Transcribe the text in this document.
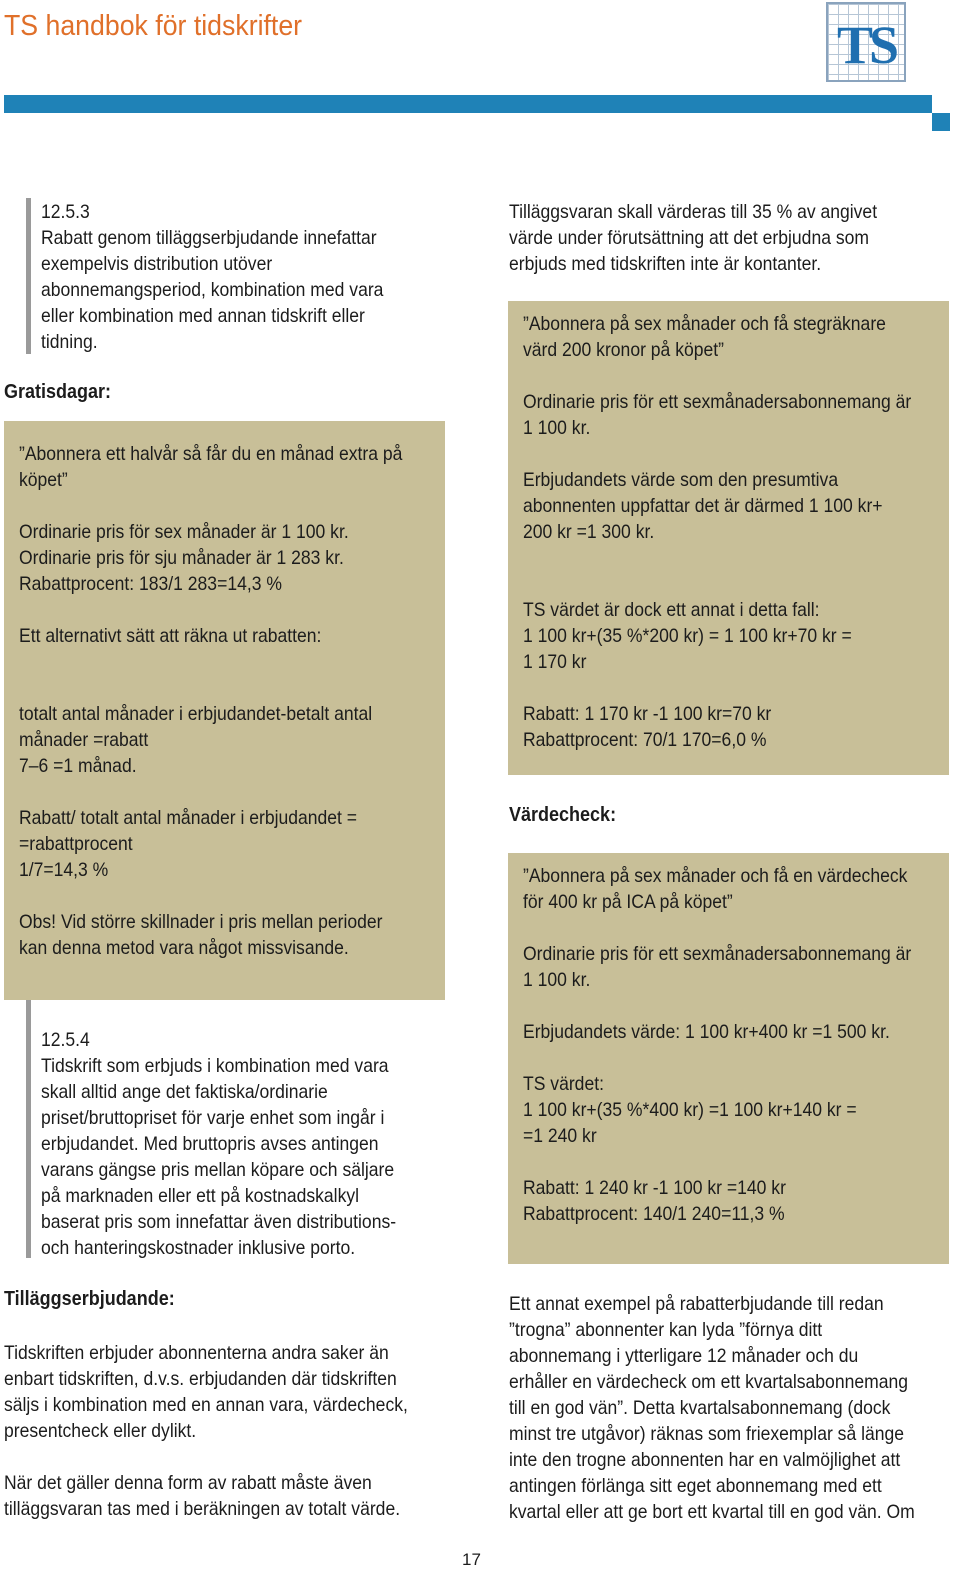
TS handbok för tidskrifter	TS

12.5.3

Rabatt genom tilläggserbjudande innefattar

exempelvis distribution utöver

abonnemangsperiod, kombination med vara

eller kombination med annan tidskrift eller

tidning.

Gratisdagar:

”Abonnera ett halvår så får du en månad extra på

köpet”

Ordinarie pris för sex månader är 1 100 kr.

Ordinarie pris för sju månader är 1 283 kr.

Rabattprocent: 183/1 283=14,3 %

Ett alternativt sätt att räkna ut rabatten:

totalt antal månader i erbjudandet-betalt antal

månader =rabatt

7–6 =1 månad.

Rabatt/ totalt antal månader i erbjudandet =

=rabattprocent

1/7=14,3 %

Obs! Vid större skillnader i pris mellan perioder

kan denna metod vara något missvisande.

12.5.4

Tidskrift som erbjuds i kombination med vara

skall alltid ange det faktiska/ordinarie

priset/bruttopriset för varje enhet som ingår i

erbjudandet. Med bruttopris avses antingen

varans gängse pris mellan köpare och säljare

på marknaden eller ett på kostnadskalkyl

baserat pris som innefattar även distributions-

och hanteringskostnader inklusive porto.

Tilläggserbjudande:

Tidskriften erbjuder abonnenterna andra saker än

enbart tidskriften, d.v.s. erbjudanden där tidskriften

säljs i kombination med en annan vara, värdecheck,

presentcheck eller dylikt.

När det gäller denna form av rabatt måste även

tilläggsvaran tas med i beräkningen av totalt värde.

Tilläggsvaran skall värderas till 35 % av angivet

värde under förutsättning att det erbjudna som

erbjuds med tidskriften inte är kontanter.

”Abonnera på sex månader och få stegräknare

värd 200 kronor på köpet”

Ordinarie pris för ett sexmånadersabonnemang är

1 100 kr.

Erbjudandets värde som den presumtiva

abonnenten uppfattar det är därmed 1 100 kr+

200 kr =1 300 kr.

TS värdet är dock ett annat i detta fall:

1 100 kr+(35 %*200 kr) = 1 100 kr+70 kr =

1 170 kr

Rabatt: 1 170 kr -1 100 kr=70 kr

Rabattprocent: 70/1 170=6,0 %

Värdecheck:

”Abonnera på sex månader och få en värdecheck

för 400 kr på ICA på köpet”

Ordinarie pris för ett sexmånadersabonnemang är

1 100 kr.

Erbjudandets värde: 1 100 kr+400 kr =1 500 kr.

TS värdet:

1 100 kr+(35 %*400 kr) =1 100 kr+140 kr =

=1 240 kr

Rabatt: 1 240 kr -1 100 kr =140 kr

Rabattprocent: 140/1 240=11,3 %

Ett annat exempel på rabatterbjudande till redan

”trogna” abonnenter kan lyda ”förnya ditt

abonnemang i ytterligare 12 månader och du

erhåller en värdecheck om ett kvartalsabonnemang

till en god vän”. Detta kvartalsabonnemang (dock

minst tre utgåvor) räknas som friexemplar så länge

inte den trogne abonnenten har en valmöjlighet att

antingen förlänga sitt eget abonnemang med ett

kvartal eller att ge bort ett kvartal till en god vän. Om

17
